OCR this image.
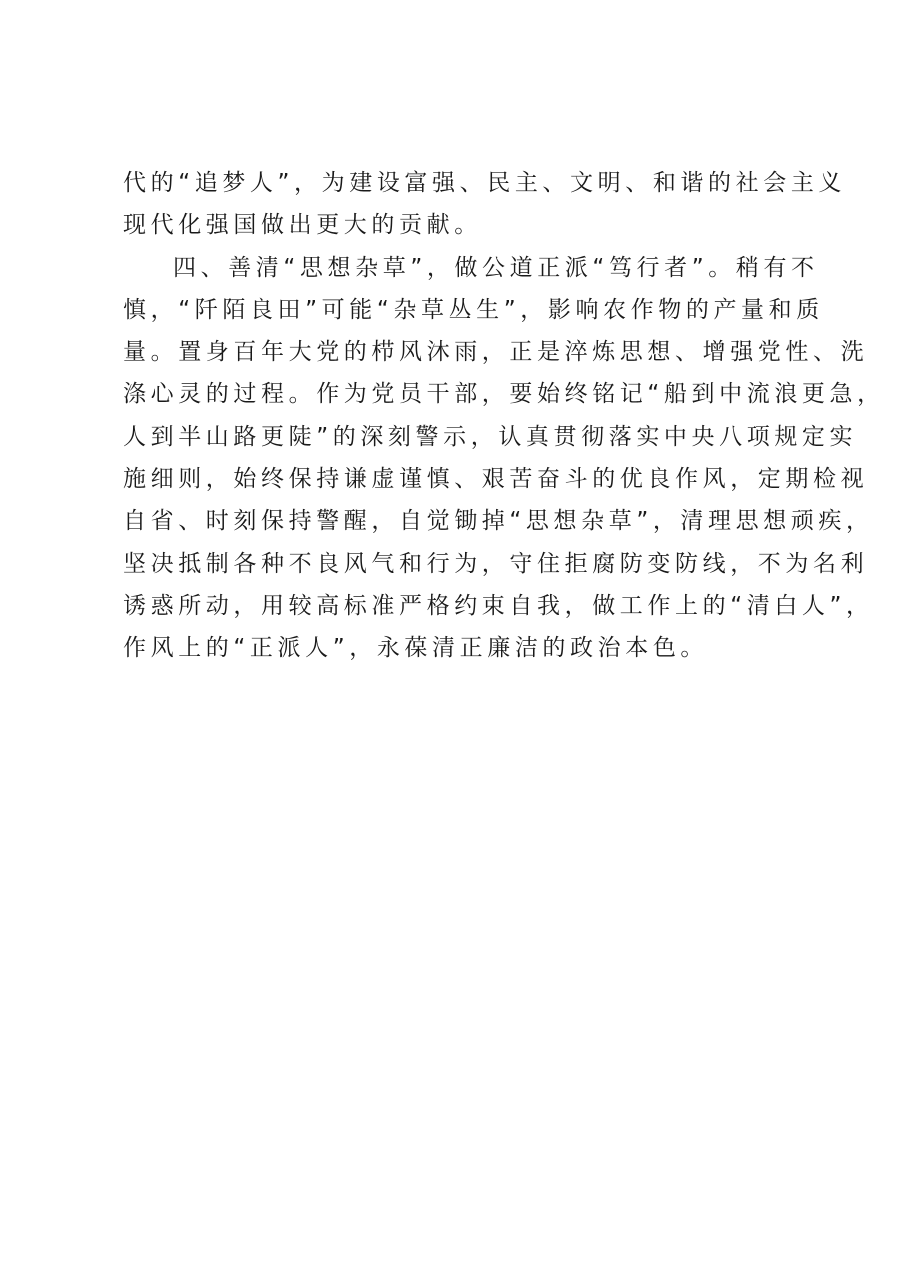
代的“追梦人”，为建设富强、民主、文明、和谐的社会主义
现代化强国做出更大的贡献。
四、善清“思想杂草”，做公道正派“笃行者”。稍有不
慎，“阡陌良田”可能“杂草丛生”，影响农作物的产量和质
量。置身百年大党的栉风沐雨，正是淬炼思想、增强党性、洗
涤心灵的过程。作为党员干部，要始终铭记“船到中流浪更急，
人到半山路更陡”的深刻警示，认真贯彻落实中央八项规定实
施细则，始终保持谦虚谨慎、艰苦奋斗的优良作风，定期检视
自省、时刻保持警醒，自觉锄掉“思想杂草”，清理思想顽疾，
坚决抵制各种不良风气和行为，守住拒腐防变防线，不为名利
诱惑所动，用较高标准严格约束自我，做工作上的“清白人”，
作风上的“正派人”，永葆清正廉洁的政治本色。
